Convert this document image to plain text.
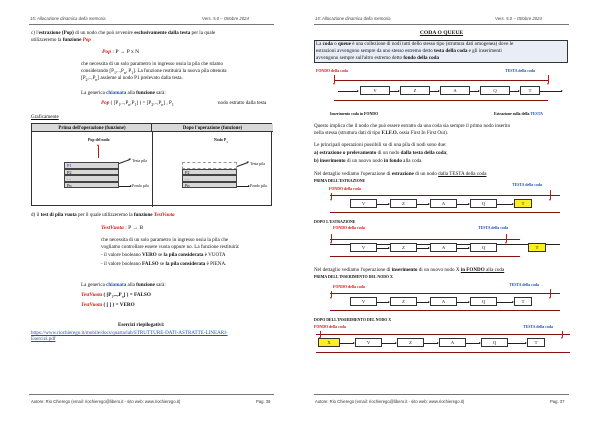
15: Allocazione dinamica della memoria	Vers. 5.0 – Ottobre 2024
c) l'estrazione (Pop) di un nodo che può avvenire esclusivamente dalla testa per la quale
utilizzeremo la funzione Pop
Pop : P → P x N
che necessita di un solo parametro in ingresso ossia la pila che stiamo
considerando [$P_1,..,P_n$, $P_1$]. La funzione restituirà la nuova pila ottenuta
$[P_2,..,P_n]$ assieme al nodo P1 prelevato dalla testa.
La generica chiamata alla funzione sarà:
Pop ( $[P_1,..,P_n,P_1]$ ) = $[P_2,..,P_n]$ , $P_1$	nodo estratto dalla testa
Graficamente
Prima dell'operazione (funzione)	Dopo l'operazione (funzione)
Pop del nodo
P1
P2
…
Pn
Testa pila
Fondo pila
Nodo $P_1$
P2
…
Pn
Testa pila
Fondo pila
d) il test di pila vuota per il quale utilizzeremo la funzione TestVuota
TestVuota : P → B
che necessita di un solo parametro in ingresso ossia la pila che
vogliamo controllare essere vuota oppure no. La funzione restituirà:
- il valore booleano VERO se la pila considerata è VUOTA
- il valore booleano FALSO se la pila considerata è PIENA.
La generica chiamata alla funzione sarà:
TestVuota ( $[P_1,..,P_n]$ ) = FALSO
TestVuota ( [ ] ) = VERO
Esercizi riepilogativi:
https://www.riochierego.it/mobile/docs/quarta/lab/STRUTTURE-DATI-ASTRATTE-LINEARI-
Esercizi.pdf
Autore: Rio Chierego (email: riochierego@libero.it - sito web: www.riochierego.it)	Pag. 36
15: Allocazione dinamica della memoria	Vers. 5.0 – Ottobre 2024
CODA O QUEUE
La coda o queue è una collezione di nodi tutti dello stesso tipo (struttura dati omogenea) dove le
estrazioni avvengono sempre da uno stesso estremo detto testa della coda e gli inserimenti
avvengono sempre sull'altro estremo detto fondo della coda
FONDO della coda	TESTA della coda
V	Z	A	Q	T
Inserimento coda in FONDO	Estrazione sulla della TESTA
Questo implica che il nodo che può essere estratto da una coda sia sempre il primo nodo inserito
nella stessa (struttura dati di tipo F.I.F.O. ossia First In First Out).
Le principali operazioni possibili su di una pila di nodi sono due:
a) estrazione o prelevamento di un nodo dalla testa della coda;
b) inserimento di un nuovo nodo in fondo alla coda.
Nel dettaglio vediamo l'operazione di estrazione di un nodo dalla TESTA della coda
PRIMA DELL'ESTRAZIONE
FONDO della coda
TESTA della coda
V	Z	A	Q	T
DOPO L'ESTRAZIONE
FONDO della coda	TESTA della coda
V	Z	A	Q	T
Nel dettaglio vediamo l'operazione di inserimento di un nuovo nodo X in FONDO alla coda
PRIMA DELL'INSERIMENTO DEL NODO X
FONDO della coda	TESTA della coda
V	Z	A	Q	T
DOPO DELL'INSERIMENTO DEL NODO X
FONDO della coda	TESTA della coda
X	V	Z	A	Q	T
Autore: Rio Chierego (email: riochierego@libero.it - sito web: www.riochierego.it)	Pag. 37
